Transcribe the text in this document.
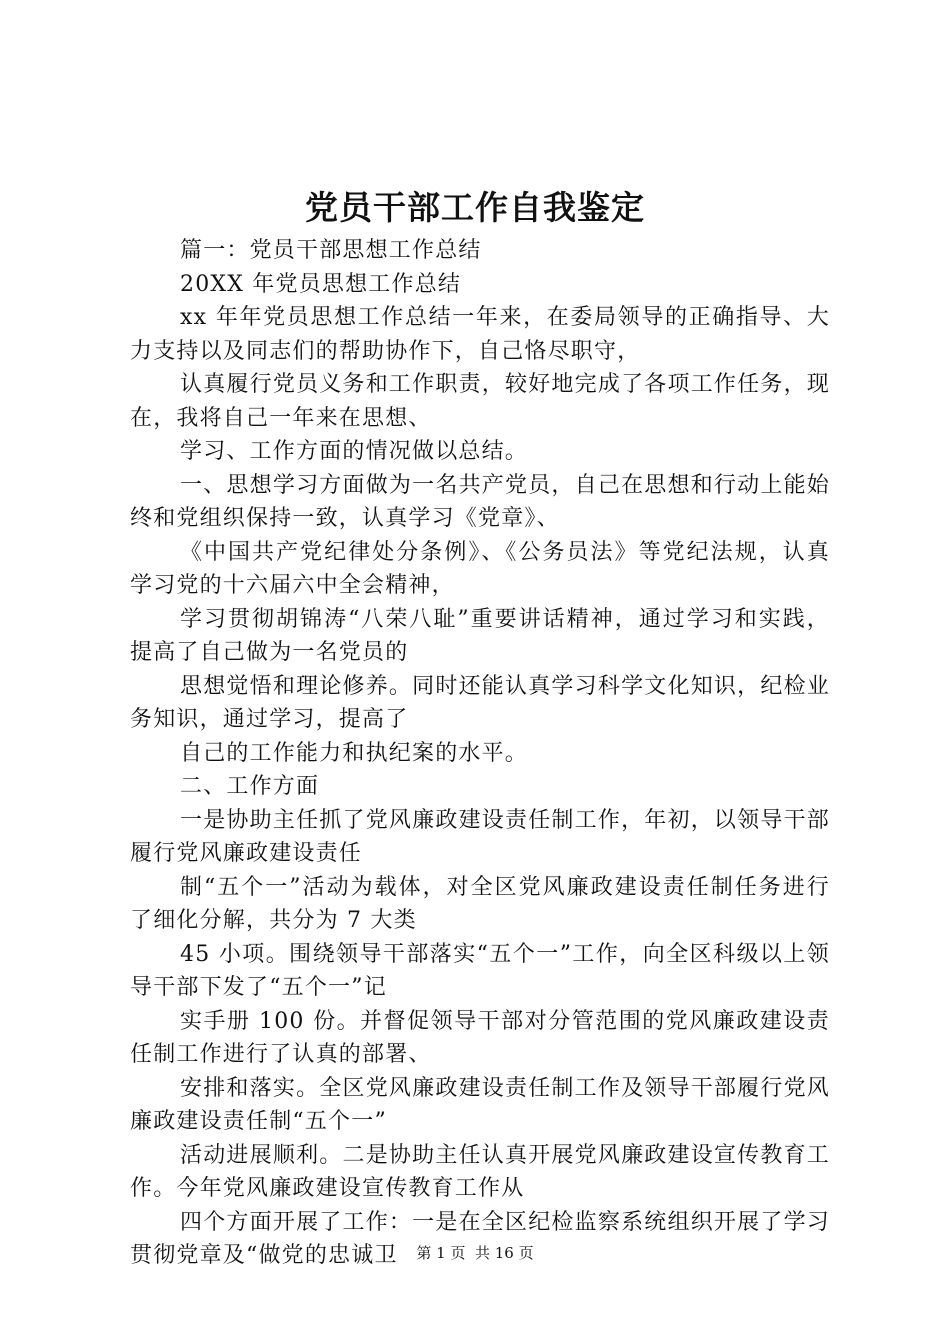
党员干部工作自我鉴定

篇一：党员干部思想工作总结

20XX 年党员思想工作总结

xx 年年党员思想工作总结一年来，在委局领导的正确指导、大力支持以及同志们的帮助协作下，自己恪尽职守，

认真履行党员义务和工作职责，较好地完成了各项工作任务，现在，我将自己一年来在思想、

学习、工作方面的情况做以总结。

一、思想学习方面做为一名共产党员，自己在思想和行动上能始终和党组织保持一致，认真学习《党章》、

《中国共产党纪律处分条例》、《公务员法》等党纪法规，认真学习党的十六届六中全会精神，

学习贯彻胡锦涛“八荣八耻”重要讲话精神，通过学习和实践，提高了自己做为一名党员的

思想觉悟和理论修养。同时还能认真学习科学文化知识，纪检业务知识，通过学习，提高了

自己的工作能力和执纪案的水平。

二、工作方面

一是协助主任抓了党风廉政建设责任制工作，年初，以领导干部履行党风廉政建设责任

制“五个一”活动为载体，对全区党风廉政建设责任制任务进行了细化分解，共分为 7 大类

45 小项。围绕领导干部落实“五个一”工作，向全区科级以上领导干部下发了“五个一”记

实手册 100 份。并督促领导干部对分管范围的党风廉政建设责任制工作进行了认真的部署、

安排和落实。全区党风廉政建设责任制工作及领导干部履行党风廉政建设责任制“五个一”

活动进展顺利。二是协助主任认真开展党风廉政建设宣传教育工作。今年党风廉政建设宣传教育工作从

四个方面开展了工作：一是在全区纪检监察系统组织开展了学习贯彻党章及“做党的忠诚卫	第 1 页 共 16 页
